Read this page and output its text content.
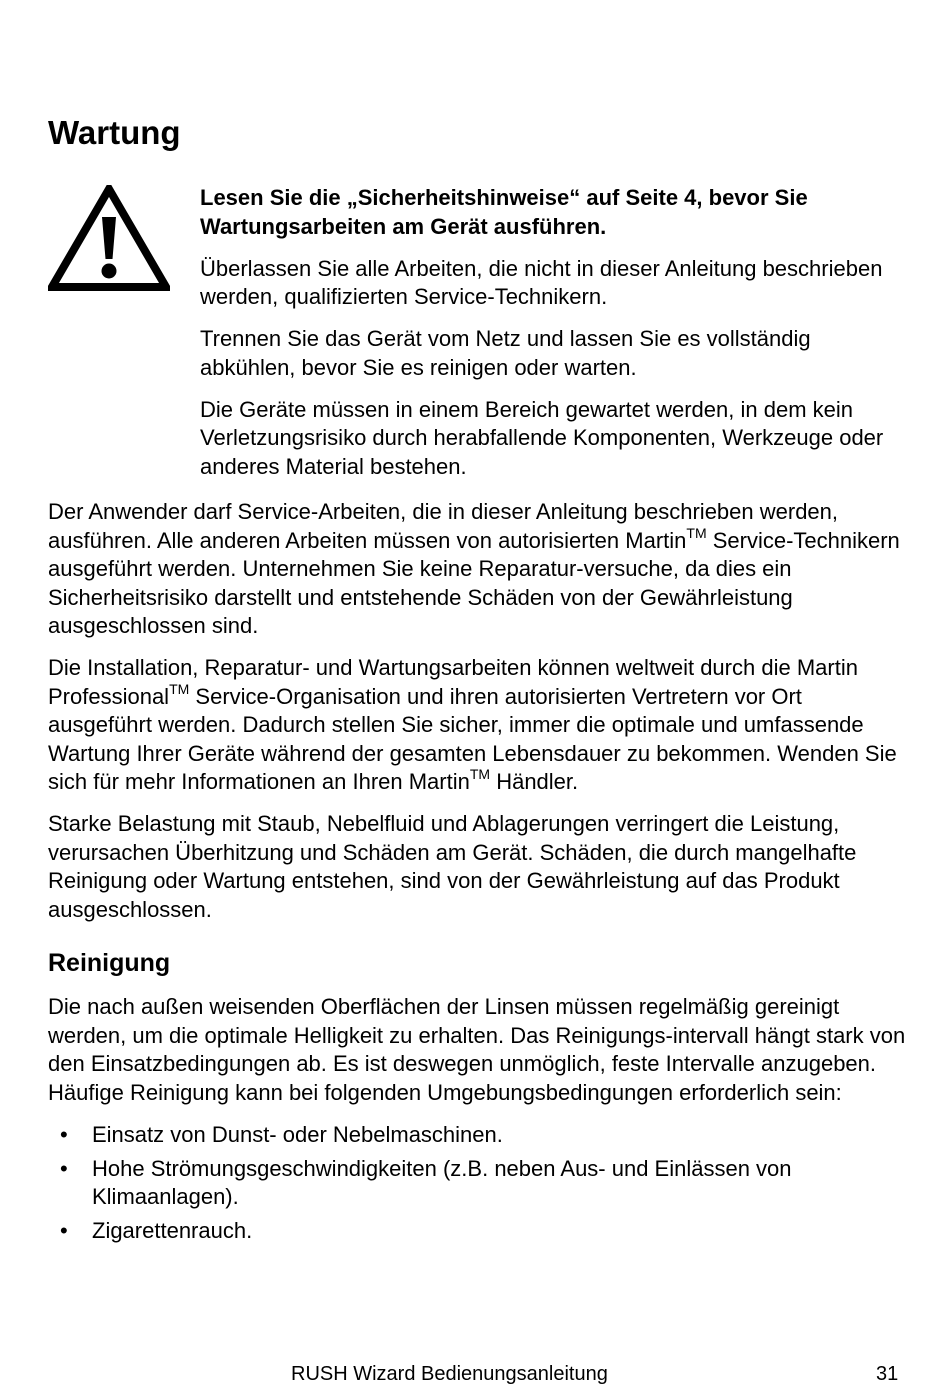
Wartung

Lesen Sie die „Sicherheitshinweise“ auf Seite 4, bevor Sie Wartungsarbeiten am Gerät ausführen.

Überlassen Sie alle Arbeiten, die nicht in dieser Anleitung beschrieben werden, qualifizierten Service-Technikern.

Trennen Sie das Gerät vom Netz und lassen Sie es vollständig abkühlen, bevor Sie es reinigen oder warten.

Die Geräte müssen in einem Bereich gewartet werden, in dem kein Verletzungsrisiko durch herabfallende Komponenten, Werkzeuge oder anderes Material bestehen.

Der Anwender darf Service-Arbeiten, die in dieser Anleitung beschrieben werden, ausführen. Alle anderen Arbeiten müssen von autorisierten Martin™ Service-Technikern ausgeführt werden. Unternehmen Sie keine Reparatur-versuche, da dies ein Sicherheitsrisiko darstellt und entstehende Schäden von der Gewährleistung ausgeschlossen sind.

Die Installation, Reparatur- und Wartungsarbeiten können weltweit durch die Martin Professional™ Service-Organisation und ihren autorisierten Vertretern vor Ort ausgeführt werden. Dadurch stellen Sie sicher, immer die optimale und umfassende Wartung Ihrer Geräte während der gesamten Lebensdauer zu bekommen. Wenden Sie sich für mehr Informationen an Ihren Martin™ Händler.

Starke Belastung mit Staub, Nebelfluid und Ablagerungen verringert die Leistung, verursachen Überhitzung und Schäden am Gerät. Schäden, die durch mangelhafte Reinigung oder Wartung entstehen, sind von der Gewährleistung auf das Produkt ausgeschlossen.

Reinigung

Die nach außen weisenden Oberflächen der Linsen müssen regelmäßig gereinigt werden, um die optimale Helligkeit zu erhalten. Das Reinigungs-intervall hängt stark von den Einsatzbedingungen ab. Es ist deswegen unmöglich, feste Intervalle anzugeben. Häufige Reinigung kann bei folgenden Umgebungsbedingungen erforderlich sein:

• Einsatz von Dunst- oder Nebelmaschinen.
• Hohe Strömungsgeschwindigkeiten (z.B. neben Aus- und Einlässen von Klimaanlagen).
• Zigarettenrauch.
RUSH Wizard Bedienungsanleitung	31
